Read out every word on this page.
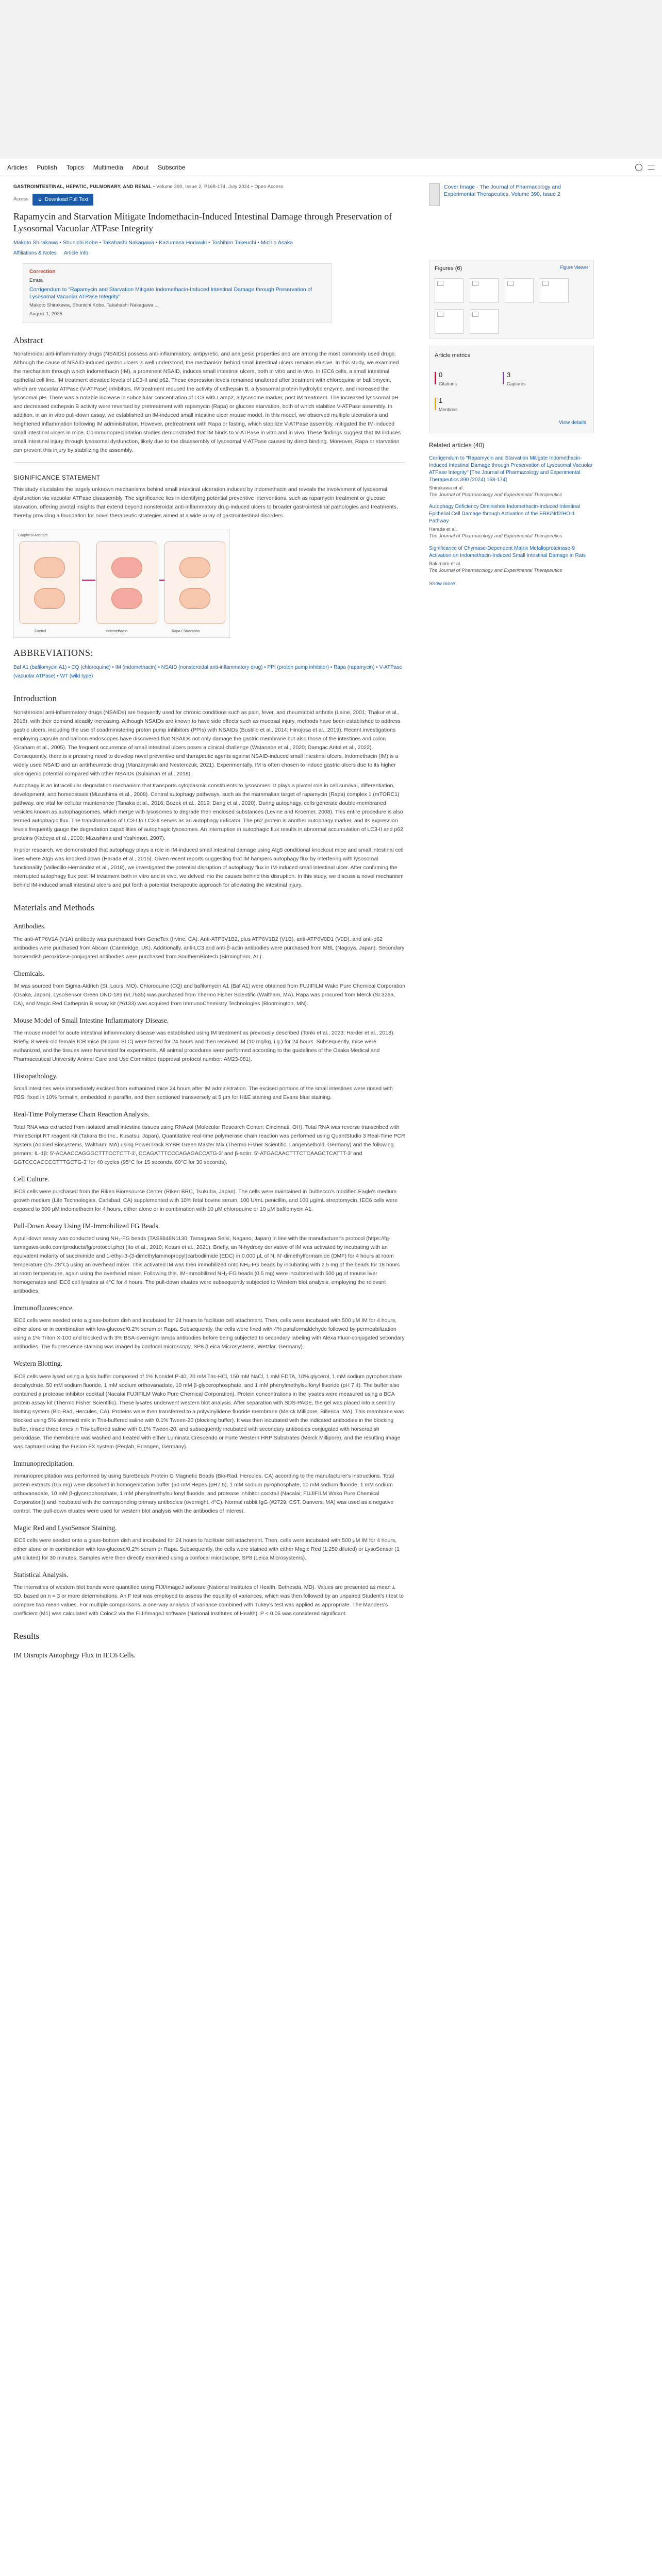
Articles Publish Topics Multimedia About Subscribe
GASTROINTESTINAL, HEPATIC, PULMONARY, AND RENAL • Volume 390, Issue 2, P168-174, July 2024 • Open Access
Access	Download Full Text
Rapamycin and Starvation Mitigate Indomethacin-Induced Intestinal Damage through Preservation of Lysosomal Vacuolar ATPase Integrity
Makoto Shirakawa • Shunichi Kobe • Takahashi Nakagawa • Kazumasa Horiwaki • Toshihiro Takeuchi • Michio Asaka
Affiliations & Notes Article Info
Correction
Errata
Corrigendum to "Rapamycin and Starvation Mitigate Indomethacin-Induced Intestinal Damage through Preservation of Lysosomal Vacuolar ATPase Integrity"
Makoto Shirakawa, Shunichi Kobe, Takahashi Nakagawa ...
August 1, 2025
Abstract

Nonsteroidal anti-inflammatory drugs (NSAIDs) possess anti-inflammatory, antipyretic, and analgesic properties and are among the most commonly used drugs. Although the cause of NSAID-induced gastric ulcers is well understood, the mechanism behind small intestinal ulcers remains elusive. In this study, we examined the mechanism through which indomethacin (IM), a prominent NSAID, induces small intestinal ulcers, both in vitro and in vivo. In IEC6 cells, a small intestinal epithelial cell line, IM treatment elevated levels of LC3-II and p62. These expression levels remained unaltered after treatment with chloroquine or bafilomycin, which are vacuolar ATPase (V-ATPase) inhibitors. IM treatment reduced the activity of cathepsin B, a lysosomal protein hydrolytic enzyme, and increased the lysosomal pH. There was a notable increase in subcellular concentration of LC3 with Lamp2, a lysosome marker, post IM treatment. The increased lysosomal pH and decreased cathepsin B activity were reversed by pretreatment with rapamycin (Rapa) or glucose starvation, both of which stabilize V-ATPase assembly. In addition, in an in vitro pull-down assay, we established an IM-induced small intestine ulcer mouse model. In this model, we observed multiple ulcerations and heightened inflammation following IM administration. However, pretreatment with Rapa or fasting, which stabilize V-ATPase assembly, mitigated the IM-induced small intestinal ulcers in mice. Coimmunoprecipitation studies demonstrated that IM binds to V-ATPase in vitro and in vivo. These findings suggest that IM induces small intestinal injury through lysosomal dysfunction, likely due to the disassembly of lysosomal V-ATPase caused by direct binding. Moreover, Rapa or starvation can prevent this injury by stabilizing the assembly.

SIGNIFICANCE STATEMENT

This study elucidates the largely unknown mechanisms behind small intestinal ulceration induced by indomethacin and reveals the involvement of lysosomal dysfunction via vacuolar ATPase disassembly. The significance lies in identifying potential preventive interventions, such as rapamycin treatment or glucose starvation, offering pivotal insights that extend beyond nonsteroidal anti-inflammatory drug-induced ulcers to broader gastrointestinal pathologies and treatments, thereby providing a foundation for novel therapeutic strategies aimed at a wide array of gastrointestinal disorders.

Graphical Abstract
Control	Indomethacin	Rapa / Starvation
ABBREVIATIONS:
Baf A1 (bafilomycin A1) • CQ (chloroquine) • IM (indomethacin) • NSAID (nonsteroidal anti-inflammatory drug) • PPI (proton pump inhibitor) • Rapa (rapamycin) • V-ATPase (vacuolar ATPase) • WT (wild type)
Introduction

Nonsteroidal anti-inflammatory drugs (NSAIDs) are frequently used for chronic conditions such as pain, fever, and rheumatoid arthritis (Laine, 2001; Thakur et al., 2018), with their demand steadily increasing. Although NSAIDs are known to have side effects such as mucosal injury, methods have been established to address gastric ulcers, including the use of coadministering proton pump inhibitors (PPIs) with NSAIDs (Bustillo et al., 2014; Hinojosa et al., 2019). Recent investigations employing capsule and balloon endoscopes have discovered that NSAIDs not only damage the gastric membrane but also those of the intestines and colon (Graham et al., 2005). The frequent occurrence of small intestinal ulcers poses a clinical challenge (Watanabe et al., 2020; Damgac Aritol et al., 2022). Consequently, there is a pressing need to develop novel preventive and therapeutic agents against NSAID-induced small intestinal ulcers. Indomethacin (IM) is a widely used NSAID and an antirheumatic drug (Manzarynski and Nesterczuk, 2021). Experimentally, IM is often chosen to induce gastric ulcers due to its higher ulcerogenic potential compared with other NSAIDs (Sulaiman et al., 2018).

Autophagy is an intracellular degradation mechanism that transports cytoplasmic constituents to lysosomes. It plays a pivotal role in cell survival, differentiation, development, and homeostasis (Mizushima et al., 2008). Central autophagy pathways, such as the mammalian target of rapamycin (Rapa) complex 1 (mTORC1) pathway, are vital for cellular maintenance (Tanaka et al., 2016; Bozek et al., 2019; Dang et al., 2020). During autophagy, cells generate double-membraned vesicles known as autophagosomes, which merge with lysosomes to degrade their enclosed substances (Levine and Kroemer, 2008). This entire procedure is also termed autophagic flux. The transformation of LC3-I to LC3-II serves as an autophagy indicator. The p62 protein is another autophagy marker, and its expression levels frequently gauge the degradation capabilities of autophagic lysosomes. An interruption in autophagic flux results in abnormal accumulation of LC3-II and p62 proteins (Kabeya et al., 2000; Mizushima and Yoshimori, 2007).

In prior research, we demonstrated that autophagy plays a role in IM-induced small intestinal damage using Atg5 conditional knockout mice and small intestinal cell lines where Atg5 was knocked down (Harada et al., 2015). Given recent reports suggesting that IM hampers autophagy flux by interfering with lysosomal functionality (Vallecillo-Hernández et al., 2018), we investigated the potential disruption of autophagy flux in IM-induced small intestinal ulcer. After confirming the interrupted autophagy flux post IM treatment both in vitro and in vivo, we delved into the causes behind this disruption. In this study, we discuss a novel mechanism behind IM-induced small intestinal ulcers and put forth a potential therapeutic approach for alleviating the intestinal injury.

Materials and Methods
Antibodies.

The anti-ATP6V1A (V1A) antibody was purchased from GeneTex (Irvine, CA). Anti-ATP6V1B2, plus ATP6V1B2 (V1B), anti-ATP6V0D1 (V0D), and anti-p62 antibodies were purchased from Abcam (Cambridge, UK). Additionally, anti-LC3 and anti-β-actin antibodies were purchased from MBL (Nagoya, Japan). Secondary horseradish peroxidase-conjugated antibodies were purchased from SouthernBiotech (Birmingham, AL).

Chemicals.

IM was sourced from Sigma-Aldrich (St. Louis, MO). Chloroquine (CQ) and bafilomycin A1 (Baf A1) were obtained from FUJIFILM Wako Pure Chemical Corporation (Osaka, Japan). LysoSensor Green DND-189 (#L7535) was purchased from Thermo Fisher Scientific (Waltham, MA). Rapa was procured from Merck (Sr.326a, CA), and Magic Red Cathepsin B assay kit (#6133) was acquired from ImmunoChemistry Technologies (Bloomington, MN).

Mouse Model of Small Intestine Inflammatory Disease.

The mouse model for acute intestinal inflammatory disease was established using IM treatment as previously described (Tonki et al., 2023; Harder et al., 2018). Briefly, 8-week-old female ICR mice (Nippon SLC) were fasted for 24 hours and then received IM (10 mg/kg, i.g.) for 24 hours. Subsequently, mice were euthanized, and the tissues were harvested for experiments. All animal procedures were performed according to the guidelines of the Osaka Medical and Pharmaceutical University Animal Care and Use Committee (approval protocol number: AM23-081).

Histopathology.

Small intestines were immediately excised from euthanized mice 24 hours after IM administration. The excised portions of the small intestines were rinsed with PBS, fixed in 10% formalin, embedded in paraffin, and then sectioned transversely at 5 μm for H&E staining and Evans blue staining.

Real-Time Polymerase Chain Reaction Analysis.

Total RNA was extracted from isolated small intestine tissues using RNAzol (Molecular Research Center; Cincinnati, OH). Total RNA was reverse transcribed with PrimeScript RT reagent Kit (Takara Bio Inc., Kusatsu, Japan). Quantitative real-time polymerase chain reaction was performed using QuantStudio 3 Real-Time PCR System (Applied Biosystems, Waltham, MA) using PowerTrack SYBR Green Master Mix (Thermo Fisher Scientific, Langenselbold, Germany) and the following primers: IL-1β: 5'-ACAACCAGGGCTTTCCTCTT-3', CCAGATTTCCCAGAGACCATG-3' and β-actin: 5'-ATGACAACTTTCTCAAGCTCATTT-3' and GGTCCCACCCCTTTGCTG-3' for 40 cycles (95°C for 15 seconds, 60°C for 30 seconds).

Cell Culture.

IEC6 cells were purchased from the Riken Bioresource Center (Riken BRC, Tsukuba, Japan). The cells were maintained in Dulbecco's modified Eagle's medium growth medium (Life Technologies, Carlsbad, CA) supplemented with 10% fetal bovine serum, 100 U/mL penicillin, and 100 μg/mL streptomycin. IEC6 cells were exposed to 500 μM indomethacin for 4 hours, either alone or in combination with 10 μM chloroquine or 10 μM bafilomycin A1.

Pull-Down Assay Using IM-Immobilized FG Beads.

A pull-down assay was conducted using NH₂-FG beads (TAS8848N1130; Tamagawa Seiki, Nagano, Japan) in line with the manufacturer's protocol (https://fg-tamagawa-seiki.com/products/fg/protocol.php) (Ito et al., 2010; Kotani et al., 2021). Briefly, an N-hydroxy derivative of IM was activated by incubating with an equivalent molarity of succinimide and 1-ethyl-3-(3-dimethylaminopropyl)carbodiimide (EDC) in 0.000 μL of N, N'-dimethylformamide (DMF) for 4 hours at room temperature (25–28°C) using an overhead mixer. This activated IM was then immobilized onto NH₂-FG beads by incubating with 2.5 mg of the beads for 18 hours at room temperature, again using the overhead mixer. Following this, IM-immobilized NH₂-FG beads (0.5 mg) were incubated with 500 μg of mouse liver homogenates and IEC6 cell lysates at 4°C for 4 hours. The pull-down eluates were subsequently subjected to Western blot analysis, employing the relevant antibodies.

Immunofluorescence.

IEC6 cells were seeded onto a glass-bottom dish and incubated for 24 hours to facilitate cell attachment. Then, cells were incubated with 500 μM IM for 4 hours, either alone or in combination with low-glucose/0.2% serum or Rapa. Subsequently, the cells were fixed with 4% paraformaldehyde followed by permeabilization using a 1% Triton X-100 and blocked with 3% BSA-overnight-lamps antibodies before being subjected to secondary labeling with Alexa Fluor-conjugated secondary antibodies. The fluorescence staining was imaged by confocal microscopy, SP8 (Leica Microsystems, Wetzlar, Germany).

Western Blotting.

IEC6 cells were lysed using a lysis buffer composed of 1% Nonidet P-40, 20 mM Tris-HCl, 150 mM NaCl, 1 mM EDTA, 10% glycerol, 1 mM sodium pyrophosphate decahydrate, 50 mM sodium fluoride, 1 mM sodium orthovanadate, 10 mM β-glycerophosphate, and 1 mM phenylmethylsulfonyl fluoride (pH 7.4). The buffer also contained a protease inhibitor cocktail (Nacalai FUJIFILM Wako Pure Chemical Corporation). Protein concentrations in the lysates were measured using a BCA protein assay kit (Thermo Fisher Scientific). These lysates underwent western blot analysis. After separation with SDS-PAGE, the gel was placed into a semidry blotting system (Bio-Rad, Hercules, CA). Proteins were then transferred to a polyvinylidene fluoride membrane (Merck Millipore, Billerica, MA). This membrane was blocked using 5% skimmed milk in Tris-buffered saline with 0.1% Tween-20 (blocking buffer). It was then incubated with the indicated antibodies in the blocking buffer, rinsed three times in Tris-buffered saline with 0.1% Tween-20, and subsequently incubated with secondary antibodies conjugated with horseradish peroxidase. The membrane was washed and treated with either Luminata Crescendo or Forte Western HRP Substrates (Merck Millipore), and the resulting image was captured using the Fusion FX system (Peqlab, Erlangen, Germany).

Immunoprecipitation.

Immunoprecipitation was performed by using SureBeads Protein G Magnetic Beads (Bio-Rad, Hercules, CA) according to the manufacturer's instructions. Total protein extracts (0.5 mg) were dissolved in homogenization buffer (50 mM Hepes (pH7.5), 1 mM sodium pyrophosphate, 10 mM sodium fluoride, 1 mM sodium orthovanadate, 10 mM β-glycerophosphate, 1 mM phenylmethylsulfonyl fluoride, and protease inhibitor cocktail (Nacalai; FUJIFILM Wako Pure Chemical Corporation)) and incubated with the corresponding primary antibodies (overnight, 4°C). Normal rabbit IgG (#2729; CST, Danvers, MA) was used as a negative control. The pull-down eluates were used for western blot analysis with the antibodies of interest.

Magic Red and LysoSensor Staining.

IEC6 cells were seeded onto a glass-bottom dish and incubated for 24 hours to facilitate cell attachment. Then, cells were incubated with 500 μM IM for 4 hours, either alone or in combination with low-glucose/0.2% serum or Rapa. Subsequently, the cells were stained with either Magic Red (1:250 diluted) or LysoSensor (1 μM diluted) for 30 minutes. Samples were then directly examined using a confocal microscope, SP8 (Leica Microsystems).

Statistical Analysis.

The intensities of western blot bands were quantified using FIJI/ImageJ software (National Institutes of Health, Bethesda, MD). Values are presented as mean ± SD, based on n = 3 or more determinations. An F test was employed to assess the equality of variances, which was then followed by an unpaired Student's t test to compare two mean values. For multiple comparisons, a one-way analysis of variance combined with Tukey's test was applied as appropriate. The Manders's coefficient (M1) was calculated with Coloc2 via the FIJI/ImageJ software (National Institutes of Health). P < 0.05 was considered significant.

Results
IM Disrupts Autophagy Flux in IEC6 Cells.
Cover Image - The Journal of Pharmacology and Experimental Therapeutics, Volume 390, Issue 2
Figures (6)	Figure Viewer
Article metrics
0
Citations
3
Captures
1
Mentions
View details
Related articles (40)
Corrigendum to "Rapamycin and Starvation Mitigate Indomethacin-Induced Intestinal Damage through Preservation of Lysosomal Vacuolar ATPase Integrity" [The Journal of Pharmacology and Experimental Therapeutics 390 (2024) 168-174]
Shirakawa et al.
The Journal of Pharmacology and Experimental Therapeutics
Autophagy Deficiency Diminishes Indomethacin-Induced Intestinal Epithelial Cell Damage through Activation of the ERK/Nrf2/HO-1 Pathway
Harada et al.
The Journal of Pharmacology and Experimental Therapeutics
Significance of Chymase-Dependent Matrix Metalloproteinase-9 Activation on Indomethacin-Induced Small Intestinal Damage in Rats
Bakimoto et al.
The Journal of Pharmacology and Experimental Therapeutics
Show more
